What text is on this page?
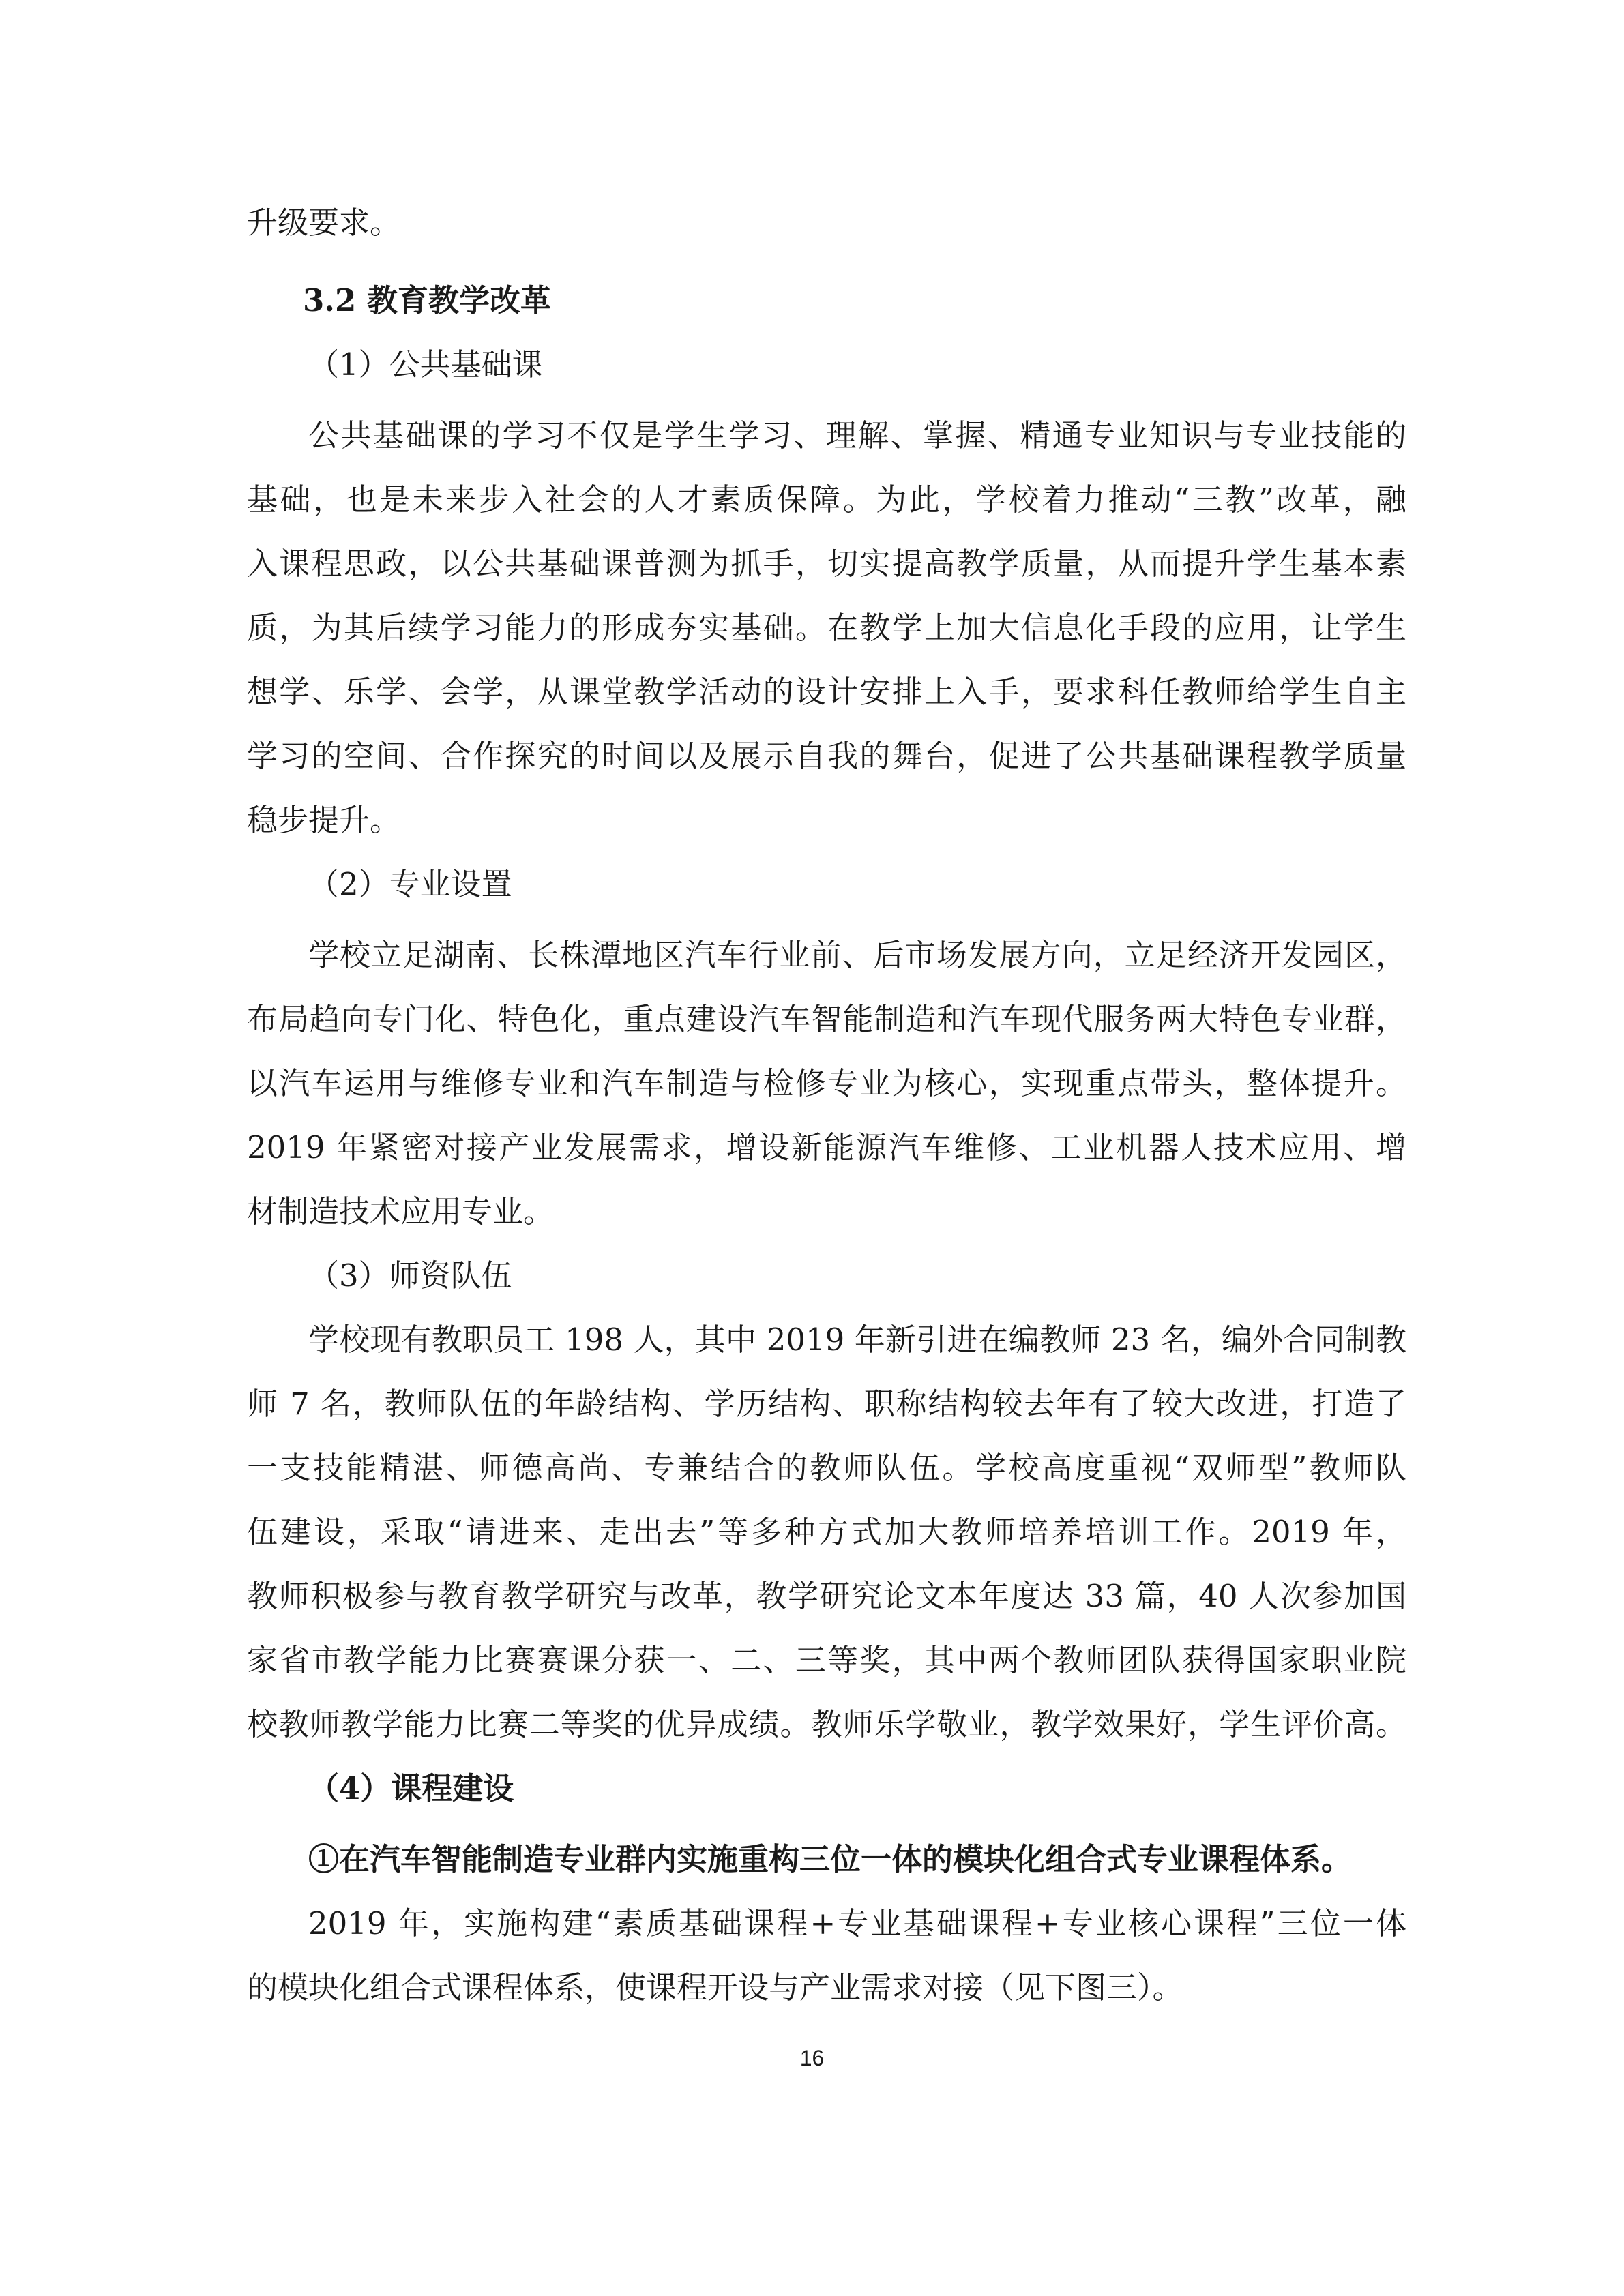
升级要求。
3.2 教育教学改革
（1）公共基础课
公共基础课的学习不仅是学生学习、理解、掌握、精通专业知识与专业技能的
基础，也是未来步入社会的人才素质保障。为此，学校着力推动“三教”改革，融
入课程思政，以公共基础课普测为抓手，切实提高教学质量，从而提升学生基本素
质，为其后续学习能力的形成夯实基础。在教学上加大信息化手段的应用，让学生
想学、乐学、会学，从课堂教学活动的设计安排上入手，要求科任教师给学生自主
学习的空间、合作探究的时间以及展示自我的舞台，促进了公共基础课程教学质量
稳步提升。
（2）专业设置
学校立足湖南、长株潭地区汽车行业前、后市场发展方向，立足经济开发园区，
布局趋向专门化、特色化，重点建设汽车智能制造和汽车现代服务两大特色专业群，
以汽车运用与维修专业和汽车制造与检修专业为核心，实现重点带头，整体提升。
2019 年紧密对接产业发展需求，增设新能源汽车维修、工业机器人技术应用、增
材制造技术应用专业。
（3）师资队伍
学校现有教职员工 198 人，其中 2019 年新引进在编教师 23 名，编外合同制教
师 7 名，教师队伍的年龄结构、学历结构、职称结构较去年有了较大改进，打造了
一支技能精湛、师德高尚、专兼结合的教师队伍。学校高度重视“双师型”教师队
伍建设，采取“请进来、走出去”等多种方式加大教师培养培训工作。2019 年，
教师积极参与教育教学研究与改革，教学研究论文本年度达 33 篇，40 人次参加国
家省市教学能力比赛赛课分获一、二、三等奖，其中两个教师团队获得国家职业院
校教师教学能力比赛二等奖的优异成绩。教师乐学敬业，教学效果好，学生评价高。
（4）课程建设
①在汽车智能制造专业群内实施重构三位一体的模块化组合式专业课程体系。
2019 年，实施构建“素质基础课程+专业基础课程+专业核心课程”三位一体
的模块化组合式课程体系，使课程开设与产业需求对接（见下图三）。
16
